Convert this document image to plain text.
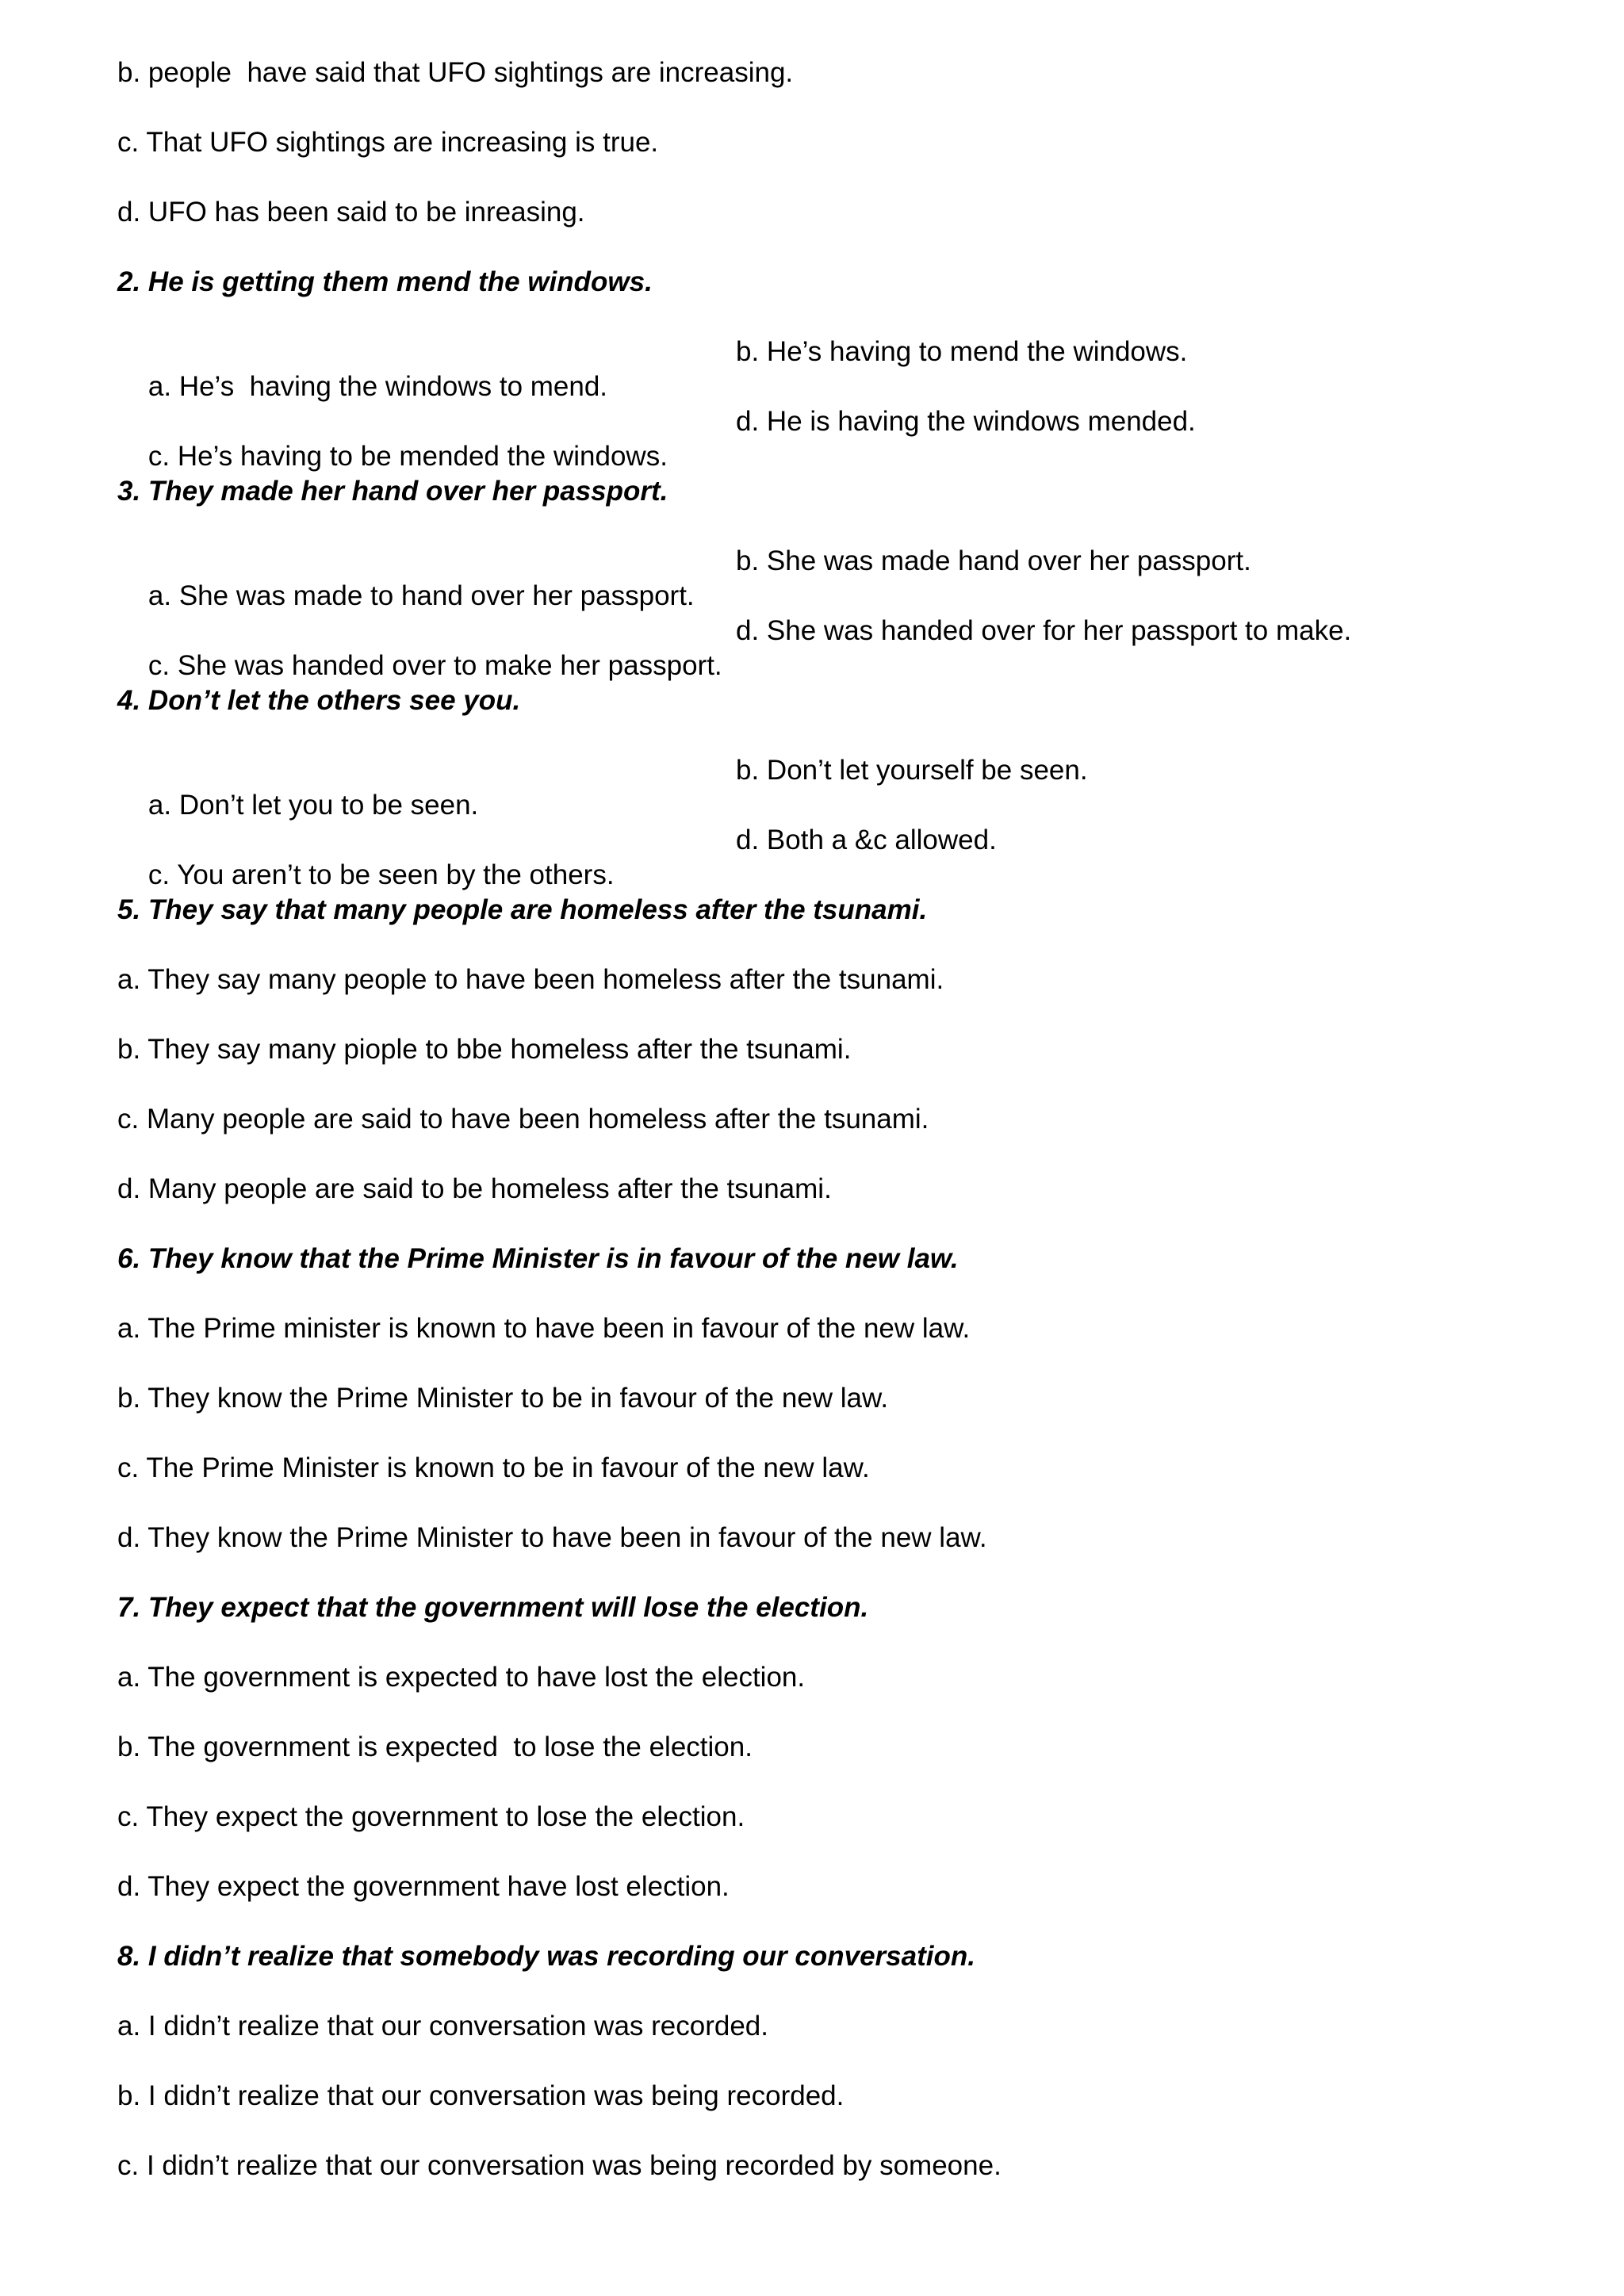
b. people  have said that UFO sightings are increasing.
c. That UFO sightings are increasing is true.
d. UFO has been said to be inreasing.
2. He is getting them mend the windows.

a. He’s  having the windows to mend.

b. He’s having to mend the windows.

c. He’s having to be mended the windows.

d. He is having the windows mended.

3. They made her hand over her passport.

a. She was made to hand over her passport.

b. She was made hand over her passport.

c. She was handed over to make her passport.

d. She was handed over for her passport to make.

4. Don’t let the others see you.

a. Don’t let you to be seen.

b. Don’t let yourself be seen.

c. You aren’t to be seen by the others.

d. Both a &c allowed.

5. They say that many people are homeless after the tsunami.
a. They say many people to have been homeless after the tsunami.
b. They say many piople to bbe homeless after the tsunami.
c. Many people are said to have been homeless after the tsunami.
d. Many people are said to be homeless after the tsunami.
6. They know that the Prime Minister is in favour of the new law.
a. The Prime minister is known to have been in favour of the new law.
b. They know the Prime Minister to be in favour of the new law.
c. The Prime Minister is known to be in favour of the new law.
d. They know the Prime Minister to have been in favour of the new law.
7. They expect that the government will lose the election.
a. The government is expected to have lost the election.
b. The government is expected  to lose the election.
c. They expect the government to lose the election.
d. They expect the government have lost election.
8. I didn’t realize that somebody was recording our conversation.
a. I didn’t realize that our conversation was recorded.
b. I didn’t realize that our conversation was being recorded.
c. I didn’t realize that our conversation was being recorded by someone.
